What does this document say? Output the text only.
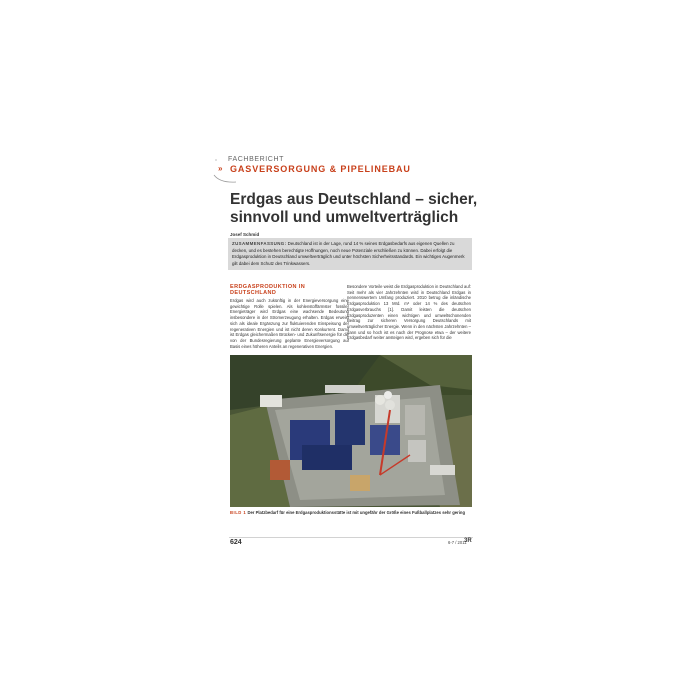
FACHBERICHT
» GASVERSORGUNG & PIPELINEBAU
Erdgas aus Deutschland – sicher, sinnvoll und umweltverträglich
Josef Schmid

ZUSAMMENFASSUNG: Deutschland ist in der Lage, rund 14 % seines Erdgasbedarfs aus eigenen Quellen zu decken, und es bestehen berechtigte Hoffnungen, noch neue Potenziale erschließen zu können. Dabei erfolgt die Erdgasproduktion in Deutschland umweltverträglich und unter höchsten Sicherheitsstandards. Ein wichtiges Augenmerk gilt dabei dem Schutz des Trinkwassers.

ERDGASPRODUKTION IN DEUTSCHLAND

Erdgas wird auch zukünftig in der Energieversorgung eine gewichtige Rolle spielen. Als kohlenstoffärmster fossiler Energieträger wird Erdgas eine wachsende Bedeutung insbesondere in der Stromerzeugung erhalten. Erdgas erweist sich als ideale Ergänzung zur fluktuierenden Einspeisung der regenerativen Energien und ist nicht deren Konkurrent. Damit ist Erdgas gleichermaßen Brücken- und Zukunftsenergie für die von der Bundesregierung geplante Energieversorgung auf Basis eines höheren Anteils an regenerativen Energien.

Besondere Vorteile weist die Erdgasproduktion in Deutschland auf: Seit mehr als vier Jahrzehnten wird in Deutschland Erdgas in nennenswertem Umfang produziert. 2010 betrug die inländische Erdgasproduktion 13 Mrd. m³ oder 14 % des deutschen Erdgasverbrauchs [1]. Damit leisten die deutschen Erdgasproduzenten einen wichtigen und umweltschonenden Beitrag zur sicheren Versorgung Deutschlands mit umweltverträglicher Energie. Wenn in den nächsten Jahrzehnten – dann und so hoch ist es nach der Prognose etwa – der weitere Erdgasbedarf weiter ansteigen wird, ergeben sich für die

BILD 1 Der Platzbedarf für eine Erdgasproduktionsstätte ist mit ungefähr der Größe eines Fußballplatzes sehr gering
624	6-7 / 2011
3R
